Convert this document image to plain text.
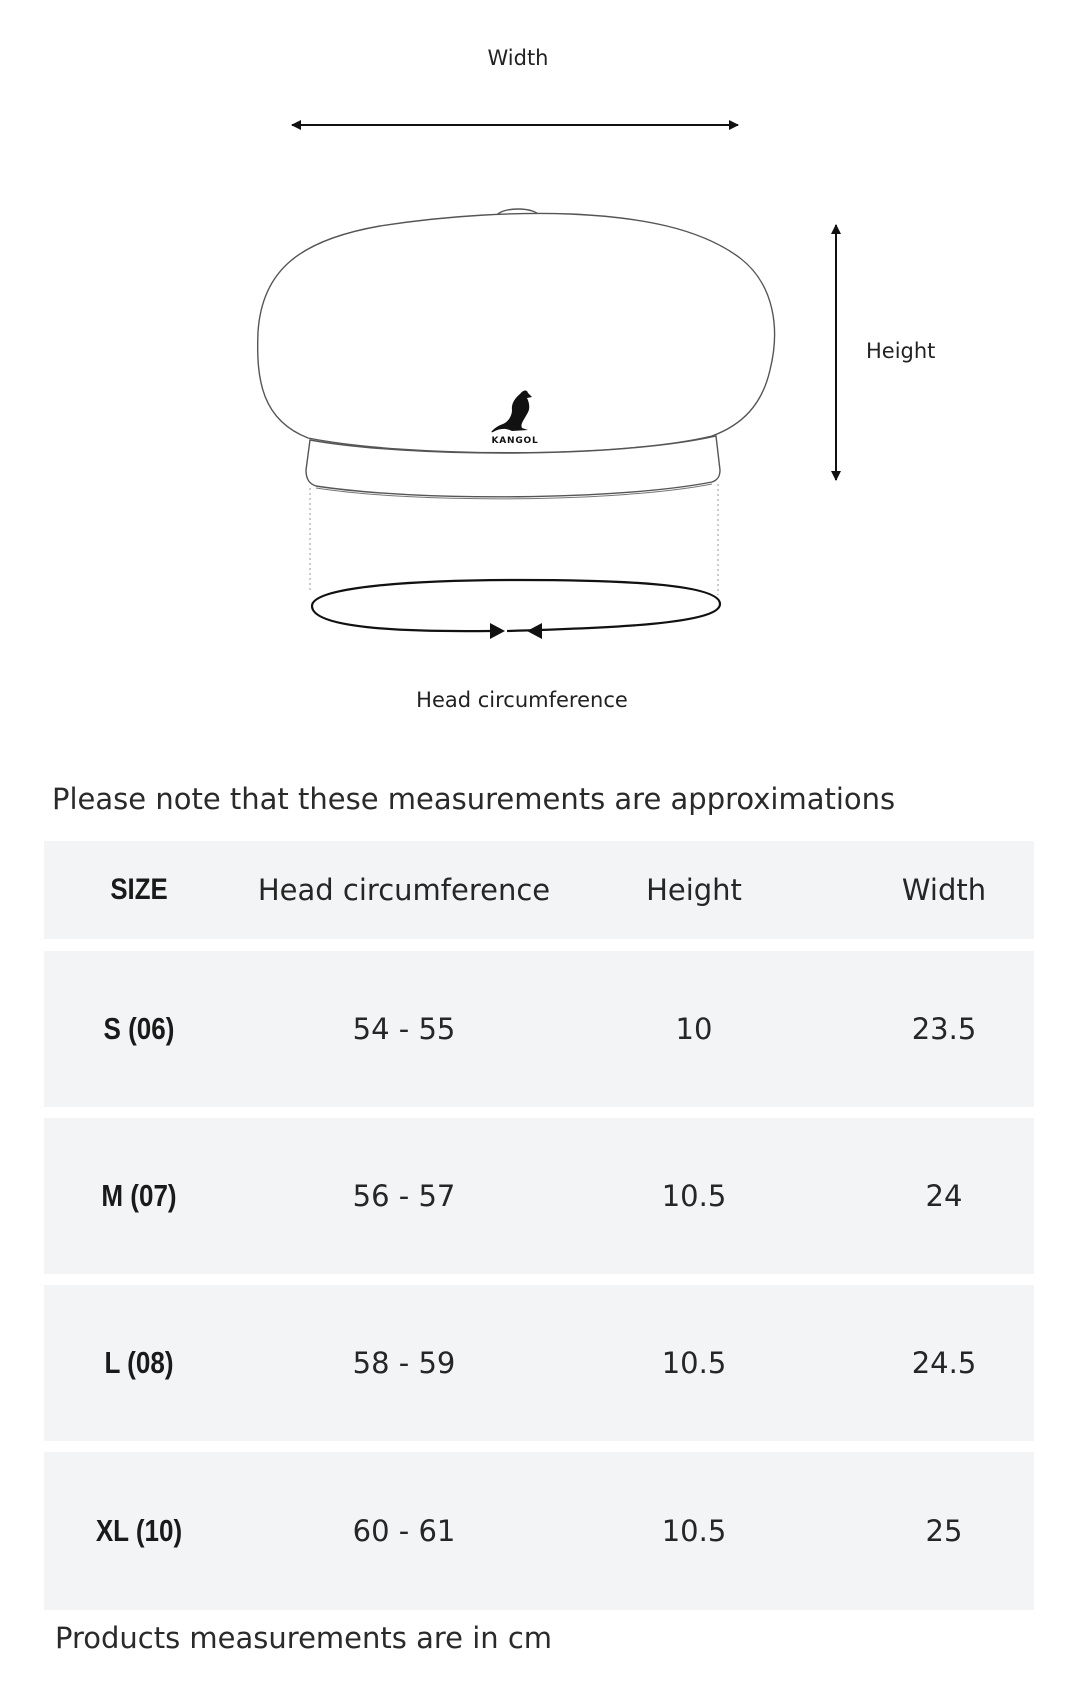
KANGOL
Width
Height
Head circumference
Please note that these measurements are approximations
SIZE	Head circumference	Height	Width
S (06)	54 - 55	10	23.5
M (07)	56 - 57	10.5	24
L (08)	58 - 59	10.5	24.5
XL (10)	60 - 61	10.5	25
Products measurements are in cm
